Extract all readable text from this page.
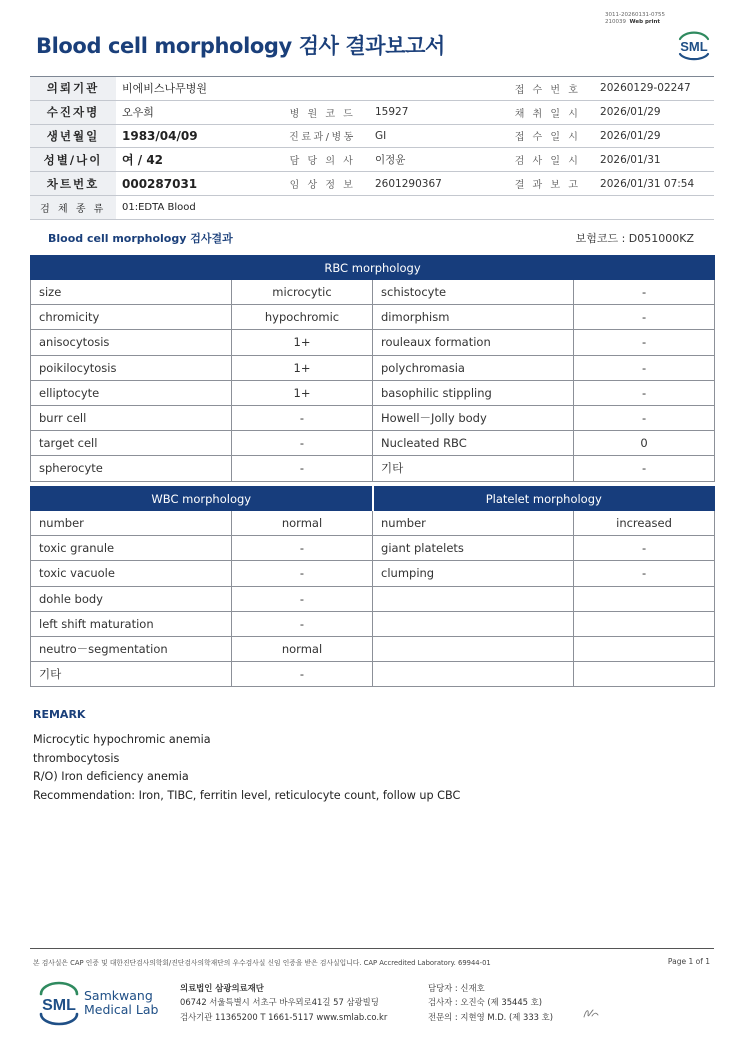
3011-20260131-0755
210039 Web print
Blood cell morphology 검사 결과보고서	SML
의뢰기관	비에비스나무병원			접 수 번 호	20260129-02247
수진자명	오우희	병 원 코 드	15927	채 취 일 시	2026/01/29
생년월일	1983/04/09	진료과/병동	GI	접 수 일 시	2026/01/29
성별/나이	여 / 42	담 당 의 사	이정윤	검 사 일 시	2026/01/31
차트번호	000287031	임 상 정 보	2601290367	결 과 보 고	2026/01/31 07:54
검 체 종 류	01:EDTA Blood				
Blood cell morphology 검사결과	보험코드 : D051000KZ
RBC morphology			
size	microcytic	schistocyte	-
chromicity	hypochromic	dimorphism	-
anisocytosis	1+	rouleaux formation	-
poikilocytosis	1+	polychromasia	-
elliptocyte	1+	basophilic stippling	-
burr cell	-	Howell－Jolly body	-
target cell	-	Nucleated RBC	0
spherocyte	-	기타	-
WBC morphology		Platelet morphology	
number	normal	number	increased
toxic granule	-	giant platelets	-
toxic vacuole	-	clumping	-
dohle body	-		
left shift maturation	-		
neutro－segmentation	normal		
기타	-		
REMARK
Microcytic hypochromic anemia
thrombocytosis
R/O) Iron deficiency anemia
Recommendation: Iron, TIBC, ferritin level, reticulocyte count, follow up CBC
본 검사실은 CAP 인증 및 대한진단검사의학회/진단검사의학재단의 우수검사실 신임 인증을 받은 검사실입니다. CAP Accredited Laboratory. 69944-01	Page 1 of 1
SML
Samkwang
Medical Lab
의료법인 삼광의료재단
06742 서울특별시 서초구 바우뫼로41길 57 삼광빌딩
검사기관 11365200 T 1661-5117 www.smlab.co.kr
담당자 : 신재호
검사자 : 오진숙 (제 35445 호)
전문의 : 지현영 M.D. (제 333 호)
